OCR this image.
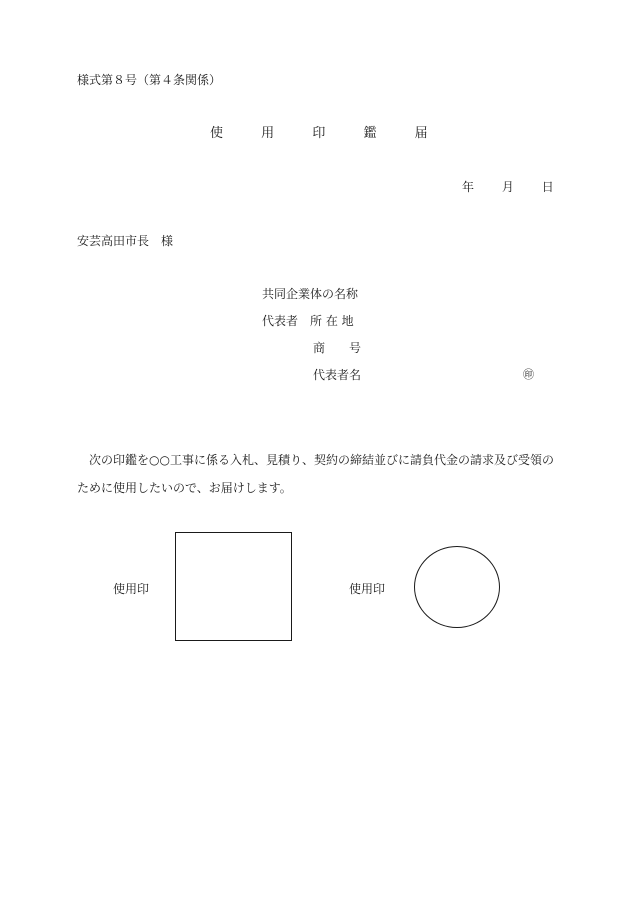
様式第８号（第４条関係）
使	用	印	鑑	届
年 月 日
安芸高田市長　様
共同企業体の名称
代表者　所 在 地
商　　号
代表者名	㊞
次の印鑑を○○工事に係る入札、見積り、契約の締結並びに請負代金の請求及び受領のために使用したいので、お届けします。
使用印	使用印
